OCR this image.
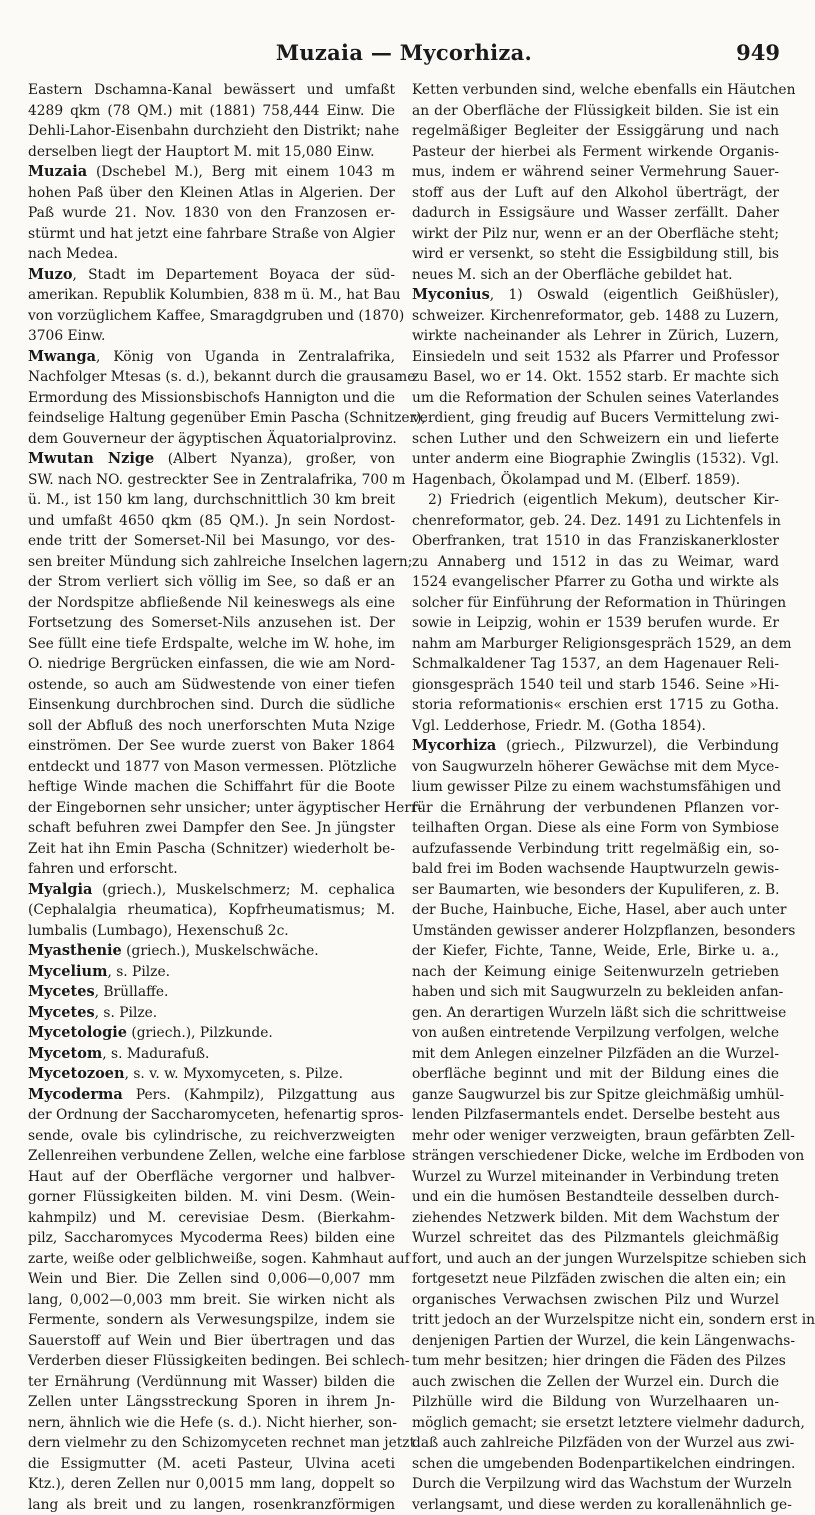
Muzaia — Mycorhiza.	949
Eastern Dschamna-Kanal bewässert und umfaßt
4289 qkm (78 QM.) mit (1881) 758,444 Einw. Die
Dehli-Lahor-Eisenbahn durchzieht den Distrikt; nahe
derselben liegt der Hauptort M. mit 15,080 Einw.
Muzaia (Dschebel M.), Berg mit einem 1043 m
hohen Paß über den Kleinen Atlas in Algerien. Der
Paß wurde 21. Nov. 1830 von den Franzosen er-
stürmt und hat jetzt eine fahrbare Straße von Algier
nach Medea.
Muzo, Stadt im Departement Boyaca der süd-
amerikan. Republik Kolumbien, 838 m ü. M., hat Bau
von vorzüglichem Kaffee, Smaragdgruben und (1870)
3706 Einw.
Mwanga, König von Uganda in Zentralafrika,
Nachfolger Mtesas (s. d.), bekannt durch die grausame
Ermordung des Missionsbischofs Hannigton und die
feindselige Haltung gegenüber Emin Pascha (Schnitzer),
dem Gouverneur der ägyptischen Äquatorialprovinz.
Mwutan Nzige (Albert Nyanza), großer, von
SW. nach NO. gestreckter See in Zentralafrika, 700 m
ü. M., ist 150 km lang, durchschnittlich 30 km breit
und umfaßt 4650 qkm (85 QM.). Jn sein Nordost-
ende tritt der Somerset-Nil bei Masungo, vor des-
sen breiter Mündung sich zahlreiche Inselchen lagern;
der Strom verliert sich völlig im See, so daß er an
der Nordspitze abfließende Nil keineswegs als eine
Fortsetzung des Somerset-Nils anzusehen ist. Der
See füllt eine tiefe Erdspalte, welche im W. hohe, im
O. niedrige Bergrücken einfassen, die wie am Nord-
ostende, so auch am Südwestende von einer tiefen
Einsenkung durchbrochen sind. Durch die südliche
soll der Abfluß des noch unerforschten Muta Nzige
einströmen. Der See wurde zuerst von Baker 1864
entdeckt und 1877 von Mason vermessen. Plötzliche
heftige Winde machen die Schiffahrt für die Boote
der Eingebornen sehr unsicher; unter ägyptischer Herr-
schaft befuhren zwei Dampfer den See. Jn jüngster
Zeit hat ihn Emin Pascha (Schnitzer) wiederholt be-
fahren und erforscht.
Myalgia (griech.), Muskelschmerz; M. cephalica
(Cephalalgia rheumatica), Kopfrheumatismus; M.
lumbalis (Lumbago), Hexenschuß 2c.
Myasthenie (griech.), Muskelschwäche.
Mycelium, s. Pilze.
Mycetes, Brüllaffe.
Mycetes, s. Pilze.
Mycetologie (griech.), Pilzkunde.
Mycetom, s. Madurafuß.
Mycetozoen, s. v. w. Myxomyceten, s. Pilze.
Mycoderma Pers. (Kahmpilz), Pilzgattung aus
der Ordnung der Saccharomyceten, hefenartig spros-
sende, ovale bis cylindrische, zu reichverzweigten
Zellenreihen verbundene Zellen, welche eine farblose
Haut auf der Oberfläche vergorner und halbver-
gorner Flüssigkeiten bilden. M. vini Desm. (Wein-
kahmpilz) und M. cerevisiae Desm. (Bierkahm-
pilz, Saccharomyces Mycoderma Rees) bilden eine
zarte, weiße oder gelblichweiße, sogen. Kahmhaut auf
Wein und Bier. Die Zellen sind 0,006—0,007 mm
lang, 0,002—0,003 mm breit. Sie wirken nicht als
Fermente, sondern als Verwesungspilze, indem sie
Sauerstoff auf Wein und Bier übertragen und das
Verderben dieser Flüssigkeiten bedingen. Bei schlech-
ter Ernährung (Verdünnung mit Wasser) bilden die
Zellen unter Längsstreckung Sporen in ihrem Jn-
nern, ähnlich wie die Hefe (s. d.). Nicht hierher, son-
dern vielmehr zu den Schizomyceten rechnet man jetzt
die Essigmutter (M. aceti Pasteur, Ulvina aceti
Ktz.), deren Zellen nur 0,0015 mm lang, doppelt so
lang als breit und zu langen, rosenkranzförmigen
Ketten verbunden sind, welche ebenfalls ein Häutchen
an der Oberfläche der Flüssigkeit bilden. Sie ist ein
regelmäßiger Begleiter der Essiggärung und nach
Pasteur der hierbei als Ferment wirkende Organis-
mus, indem er während seiner Vermehrung Sauer-
stoff aus der Luft auf den Alkohol überträgt, der
dadurch in Essigsäure und Wasser zerfällt. Daher
wirkt der Pilz nur, wenn er an der Oberfläche steht;
wird er versenkt, so steht die Essigbildung still, bis
neues M. sich an der Oberfläche gebildet hat.
Myconius, 1) Oswald (eigentlich Geißhüsler),
schweizer. Kirchenreformator, geb. 1488 zu Luzern,
wirkte nacheinander als Lehrer in Zürich, Luzern,
Einsiedeln und seit 1532 als Pfarrer und Professor
zu Basel, wo er 14. Okt. 1552 starb. Er machte sich
um die Reformation der Schulen seines Vaterlandes
verdient, ging freudig auf Bucers Vermittelung zwi-
schen Luther und den Schweizern ein und lieferte
unter anderm eine Biographie Zwinglis (1532). Vgl.
Hagenbach, Ökolampad und M. (Elberf. 1859).
2) Friedrich (eigentlich Mekum), deutscher Kir-
chenreformator, geb. 24. Dez. 1491 zu Lichtenfels in
Oberfranken, trat 1510 in das Franziskanerkloster
zu Annaberg und 1512 in das zu Weimar, ward
1524 evangelischer Pfarrer zu Gotha und wirkte als
solcher für Einführung der Reformation in Thüringen
sowie in Leipzig, wohin er 1539 berufen wurde. Er
nahm am Marburger Religionsgespräch 1529, an dem
Schmalkaldener Tag 1537, an dem Hagenauer Reli-
gionsgespräch 1540 teil und starb 1546. Seine »Hi-
storia reformationis« erschien erst 1715 zu Gotha.
Vgl. Ledderhose, Friedr. M. (Gotha 1854).
Mycorhiza (griech., Pilzwurzel), die Verbindung
von Saugwurzeln höherer Gewächse mit dem Myce-
lium gewisser Pilze zu einem wachstumsfähigen und
für die Ernährung der verbundenen Pflanzen vor-
teilhaften Organ. Diese als eine Form von Symbiose
aufzufassende Verbindung tritt regelmäßig ein, so-
bald frei im Boden wachsende Hauptwurzeln gewis-
ser Baumarten, wie besonders der Kupuliferen, z. B.
der Buche, Hainbuche, Eiche, Hasel, aber auch unter
Umständen gewisser anderer Holzpflanzen, besonders
der Kiefer, Fichte, Tanne, Weide, Erle, Birke u. a.,
nach der Keimung einige Seitenwurzeln getrieben
haben und sich mit Saugwurzeln zu bekleiden anfan-
gen. An derartigen Wurzeln läßt sich die schrittweise
von außen eintretende Verpilzung verfolgen, welche
mit dem Anlegen einzelner Pilzfäden an die Wurzel-
oberfläche beginnt und mit der Bildung eines die
ganze Saugwurzel bis zur Spitze gleichmäßig umhül-
lenden Pilzfasermantels endet. Derselbe besteht aus
mehr oder weniger verzweigten, braun gefärbten Zell-
strängen verschiedener Dicke, welche im Erdboden von
Wurzel zu Wurzel miteinander in Verbindung treten
und ein die humösen Bestandteile desselben durch-
ziehendes Netzwerk bilden. Mit dem Wachstum der
Wurzel schreitet das des Pilzmantels gleichmäßig
fort, und auch an der jungen Wurzelspitze schieben sich
fortgesetzt neue Pilzfäden zwischen die alten ein; ein
organisches Verwachsen zwischen Pilz und Wurzel
tritt jedoch an der Wurzelspitze nicht ein, sondern erst in
denjenigen Partien der Wurzel, die kein Längenwachs-
tum mehr besitzen; hier dringen die Fäden des Pilzes
auch zwischen die Zellen der Wurzel ein. Durch die
Pilzhülle wird die Bildung von Wurzelhaaren un-
möglich gemacht; sie ersetzt letztere vielmehr dadurch,
daß auch zahlreiche Pilzfäden von der Wurzel aus zwi-
schen die umgebenden Bodenpartikelchen eindringen.
Durch die Verpilzung wird das Wachstum der Wurzeln
verlangsamt, und diese werden zu korallenähnlich ge-
